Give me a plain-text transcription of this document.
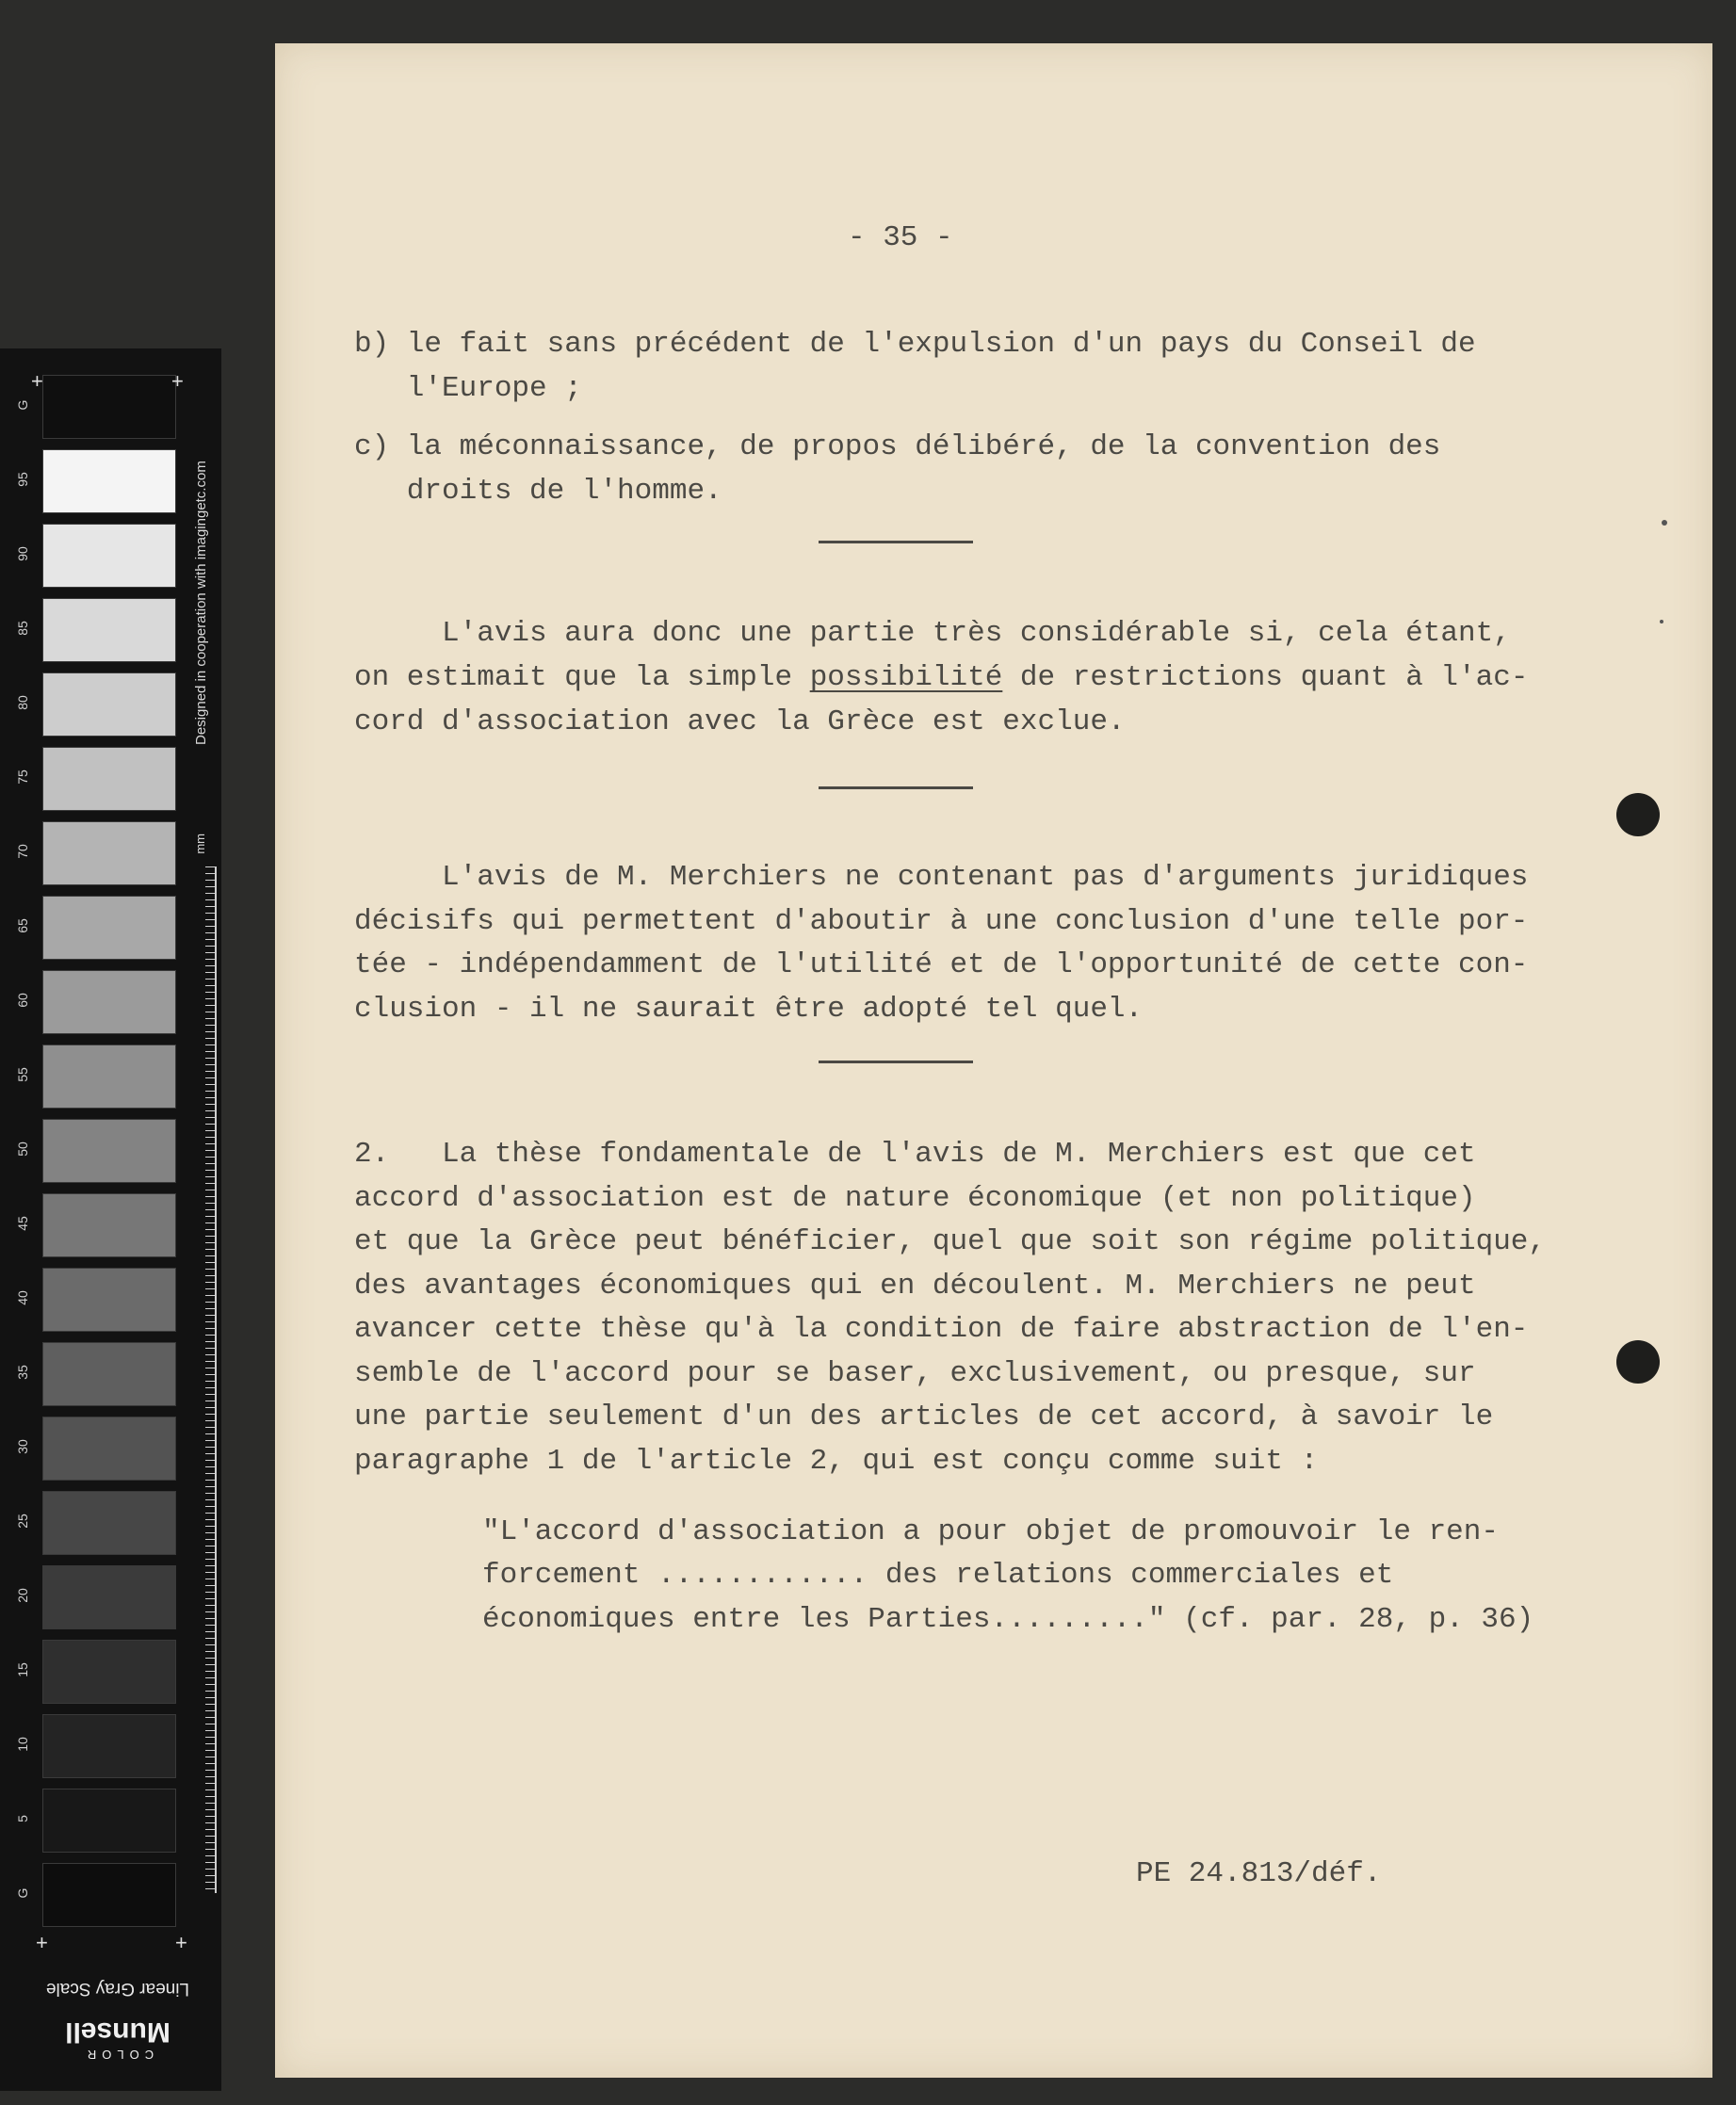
G
95
90
85
80
75
70
65
60
55
50
45
40
35
30
25
20
15
10
5
G
Designed in cooperation with imagingetc.com
mm
+	+
+	+
Linear Gray Scale
COLOR
Munsell

- 35 -

b) le fait sans précédent de l'expulsion d'un pays du Conseil de

l'Europe ;

c) la méconnaissance, de propos délibéré, de la convention des

droits de l'homme.

L'avis aura donc une partie très considérable si, cela étant,

on estimait que la simple possibilité de restrictions quant à l'ac-

cord d'association avec la Grèce est exclue.

L'avis de M. Merchiers ne contenant pas d'arguments juridiques

décisifs qui permettent d'aboutir à une conclusion d'une telle por-

tée - indépendamment de l'utilité et de l'opportunité de cette con-

clusion - il ne saurait être adopté tel quel.

2.   La thèse fondamentale de l'avis de M. Merchiers est que cet

accord d'association est de nature économique (et non politique)

et que la Grèce peut bénéficier, quel que soit son régime politique,

des avantages économiques qui en découlent. M. Merchiers ne peut

avancer cette thèse qu'à la condition de faire abstraction de l'en-

semble de l'accord pour se baser, exclusivement, ou presque, sur

une partie seulement d'un des articles de cet accord, à savoir le

paragraphe 1 de l'article 2, qui est conçu comme suit :

"L'accord d'association a pour objet de promouvoir le ren-

forcement ............ des relations commerciales et

économiques entre les Parties........." (cf. par. 28, p. 36)

PE 24.813/déf.
